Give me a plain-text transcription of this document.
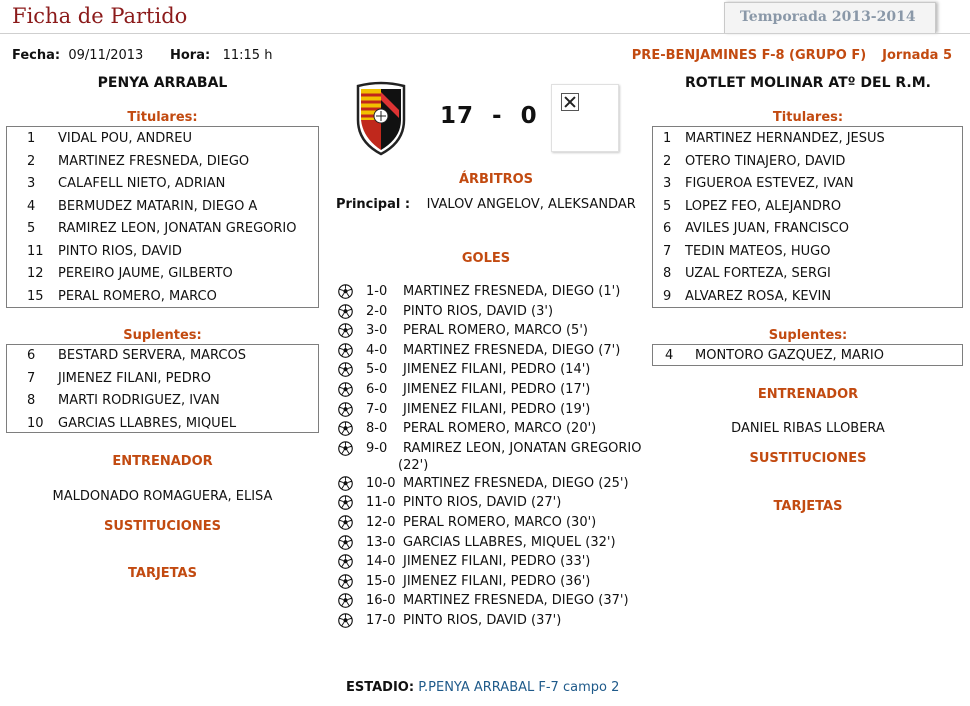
Ficha de Partido	Temporada 2013-2014
Fecha: 09/11/2013 Hora: 11:15 h	PRE-BENJAMINES F-8 (GRUPO F) Jornada 5
PENYA ARRABAL	ROTLET MOLINAR ATº DEL R.M.
Titulares:
1 VIDAL POU, ANDREU
2 MARTINEZ FRESNEDA, DIEGO
3 CALAFELL NIETO, ADRIAN
4 BERMUDEZ MATARIN, DIEGO A
5 RAMIREZ LEON, JONATAN GREGORIO
11 PINTO RIOS, DAVID
12 PEREIRO JAUME, GILBERTO
15 PERAL ROMERO, MARCO
Suplentes:
6 BESTARD SERVERA, MARCOS
7 JIMENEZ FILANI, PEDRO
8 MARTI RODRIGUEZ, IVAN
10 GARCIAS LLABRES, MIQUEL
ENTRENADOR
MALDONADO ROMAGUERA, ELISA
SUSTITUCIONES
TARJETAS
Titulares:
1 MARTINEZ HERNANDEZ, JESUS
2 OTERO TINAJERO, DAVID
3 FIGUEROA ESTEVEZ, IVAN
5 LOPEZ FEO, ALEJANDRO
6 AVILES JUAN, FRANCISCO
7 TEDIN MATEOS, HUGO
8 UZAL FORTEZA, SERGI
9 ALVAREZ ROSA, KEVIN
Suplentes:
4 MONTORO GAZQUEZ, MARIO
ENTRENADOR
DANIEL RIBAS LLOBERA
SUSTITUCIONES
TARJETAS
17 - 0
ÁRBITROS
Principal : IVALOV ANGELOV, ALEKSANDAR
GOLES
1-0 MARTINEZ FRESNEDA, DIEGO (1')
2-0 PINTO RIOS, DAVID (3')
3-0 PERAL ROMERO, MARCO (5')
4-0 MARTINEZ FRESNEDA, DIEGO (7')
5-0 JIMENEZ FILANI, PEDRO (14')
6-0 JIMENEZ FILANI, PEDRO (17')
7-0 JIMENEZ FILANI, PEDRO (19')
8-0 PERAL ROMERO, MARCO (20')
9-0 RAMIREZ LEON, JONATAN GREGORIO
(22')
10-0 MARTINEZ FRESNEDA, DIEGO (25')
11-0 PINTO RIOS, DAVID (27')
12-0 PERAL ROMERO, MARCO (30')
13-0 GARCIAS LLABRES, MIQUEL (32')
14-0 JIMENEZ FILANI, PEDRO (33')
15-0 JIMENEZ FILANI, PEDRO (36')
16-0 MARTINEZ FRESNEDA, DIEGO (37')
17-0 PINTO RIOS, DAVID (37')
ESTADIO: P.PENYA ARRABAL F-7 campo 2
